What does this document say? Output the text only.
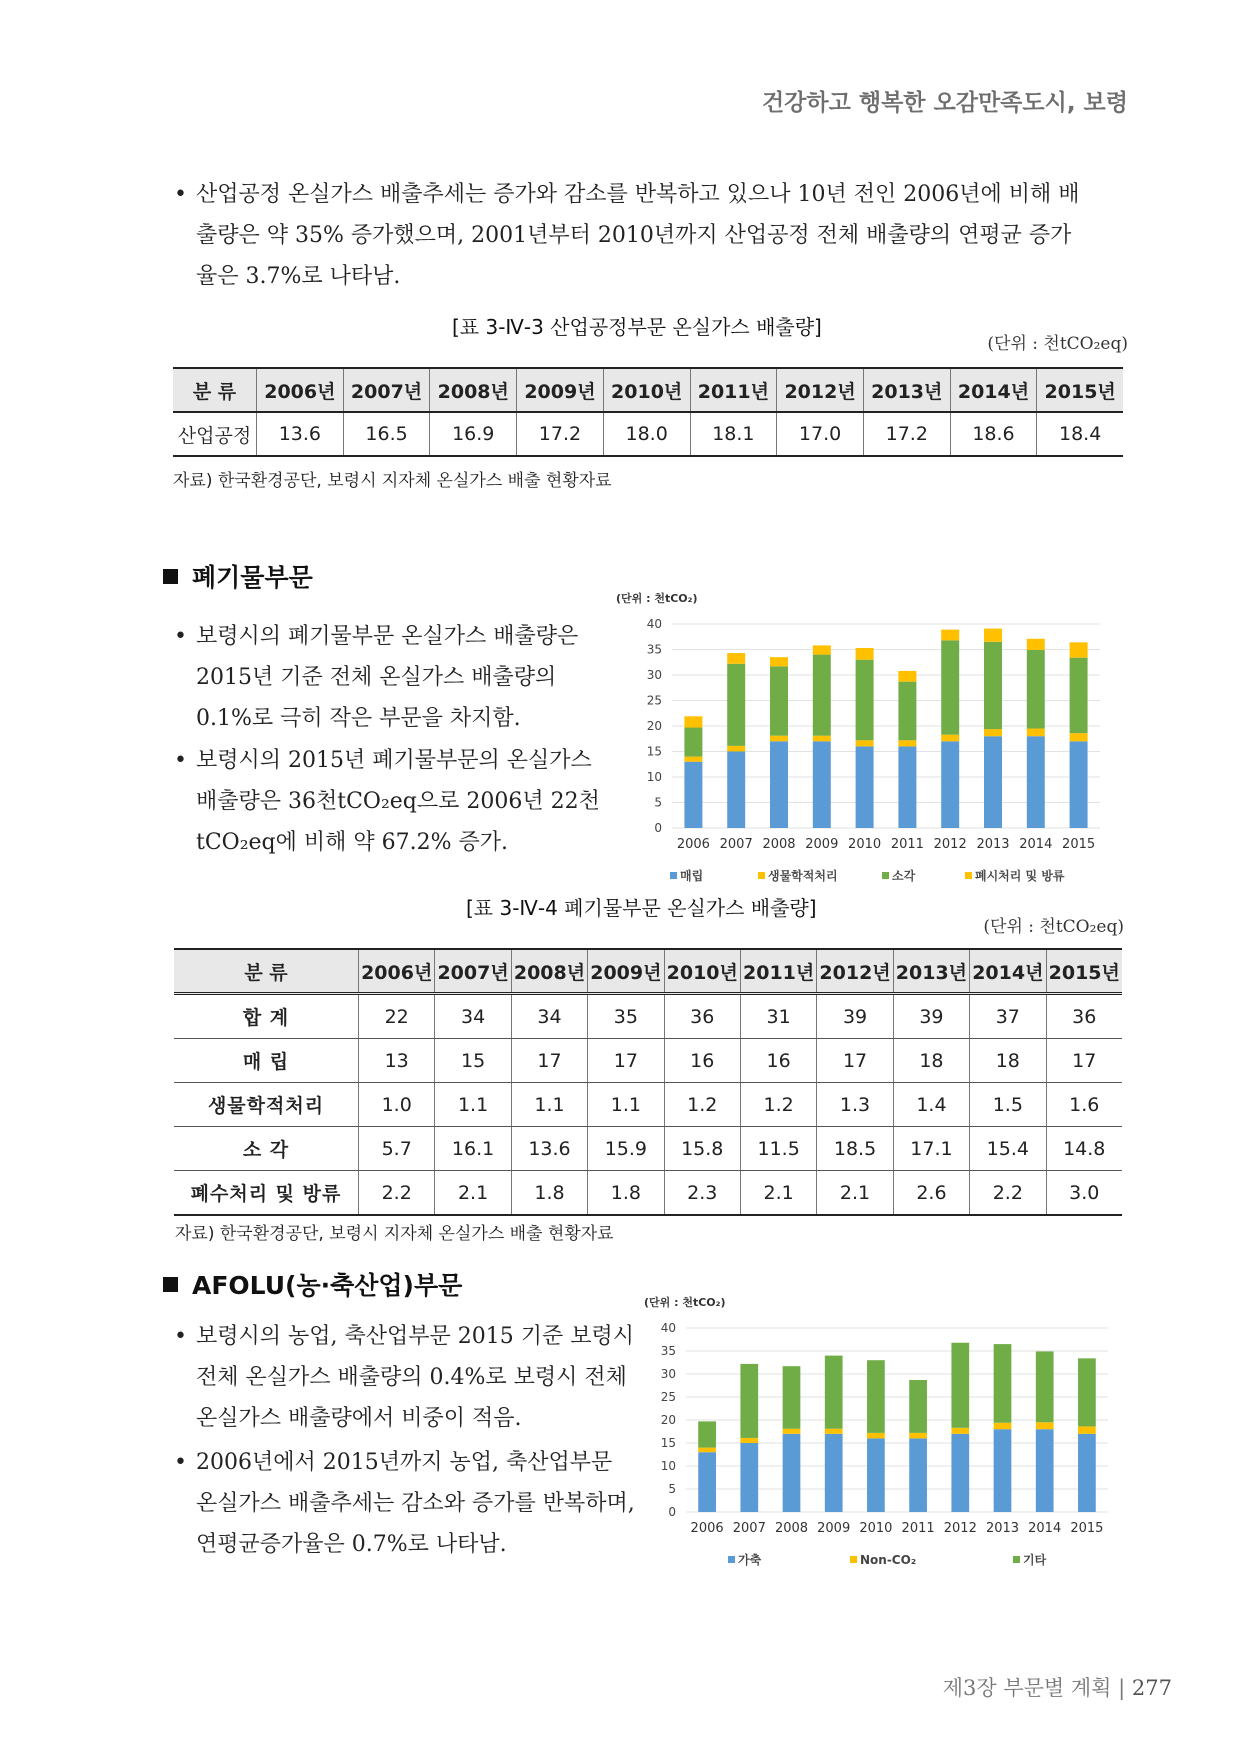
건강하고 행복한 오감만족도시, 보령
• 산업공정 온실가스 배출추세는 증가와 감소를 반복하고 있으나 10년 전인 2006년에 비해 배
출량은 약 35% 증가했으며, 2001년부터 2010년까지 산업공정 전체 배출량의 연평균 증가
율은 3.7%로 나타남.
[표 3-Ⅳ-3 산업공정부문 온실가스 배출량]
(단위 : 천tCO₂eq)
분 류	2006년	2007년	2008년	2009년	2010년	2011년	2012년	2013년	2014년	2015년
산업공정	13.6	16.5	16.9	17.2	18.0	18.1	17.0	17.2	18.6	18.4
자료) 한국환경공단, 보령시 지자체 온실가스 배출 현황자료
폐기물부문
• 보령시의 폐기물부문 온실가스 배출량은
2015년 기준 전체 온실가스 배출량의
0.1%로 극히 작은 부문을 차지함.
• 보령시의 2015년 폐기물부문의 온실가스
배출량은 36천tCO₂eq으로 2006년 22천
tCO₂eq에 비해 약 67.2% 증가.
(단위 : 천tCO₂)
0
5
10
15
20
25
30
35
40
2006 2007 2008 2009 2010 2011 2012 2013 2014 2015
매립	생물학적처리	소각	폐시처리 및 방류
[표 3-Ⅳ-4 폐기물부문 온실가스 배출량]
(단위 : 천tCO₂eq)
분 류	2006년	2007년	2008년	2009년	2010년	2011년	2012년	2013년	2014년	2015년
합 계	22	34	34	35	36	31	39	39	37	36
매 립	13	15	17	17	16	16	17	18	18	17
생물학적처리	1.0	1.1	1.1	1.1	1.2	1.2	1.3	1.4	1.5	1.6
소 각	5.7	16.1	13.6	15.9	15.8	11.5	18.5	17.1	15.4	14.8
폐수처리 및 방류	2.2	2.1	1.8	1.8	2.3	2.1	2.1	2.6	2.2	3.0
자료) 한국환경공단, 보령시 지자체 온실가스 배출 현황자료
AFOLU(농·축산업)부문
• 보령시의 농업, 축산업부문 2015 기준 보령시
전체 온실가스 배출량의 0.4%로 보령시 전체
온실가스 배출량에서 비중이 적음.
• 2006년에서 2015년까지 농업, 축산업부문
온실가스 배출추세는 감소와 증가를 반복하며,
연평균증가율은 0.7%로 나타남.
(단위 : 천tCO₂)
0
5
10
15
20
25
30
35
40
2006 2007 2008 2009 2010 2011 2012 2013 2014 2015
가축	Non-CO₂	기타
제3장 부문별 계획 | 277
